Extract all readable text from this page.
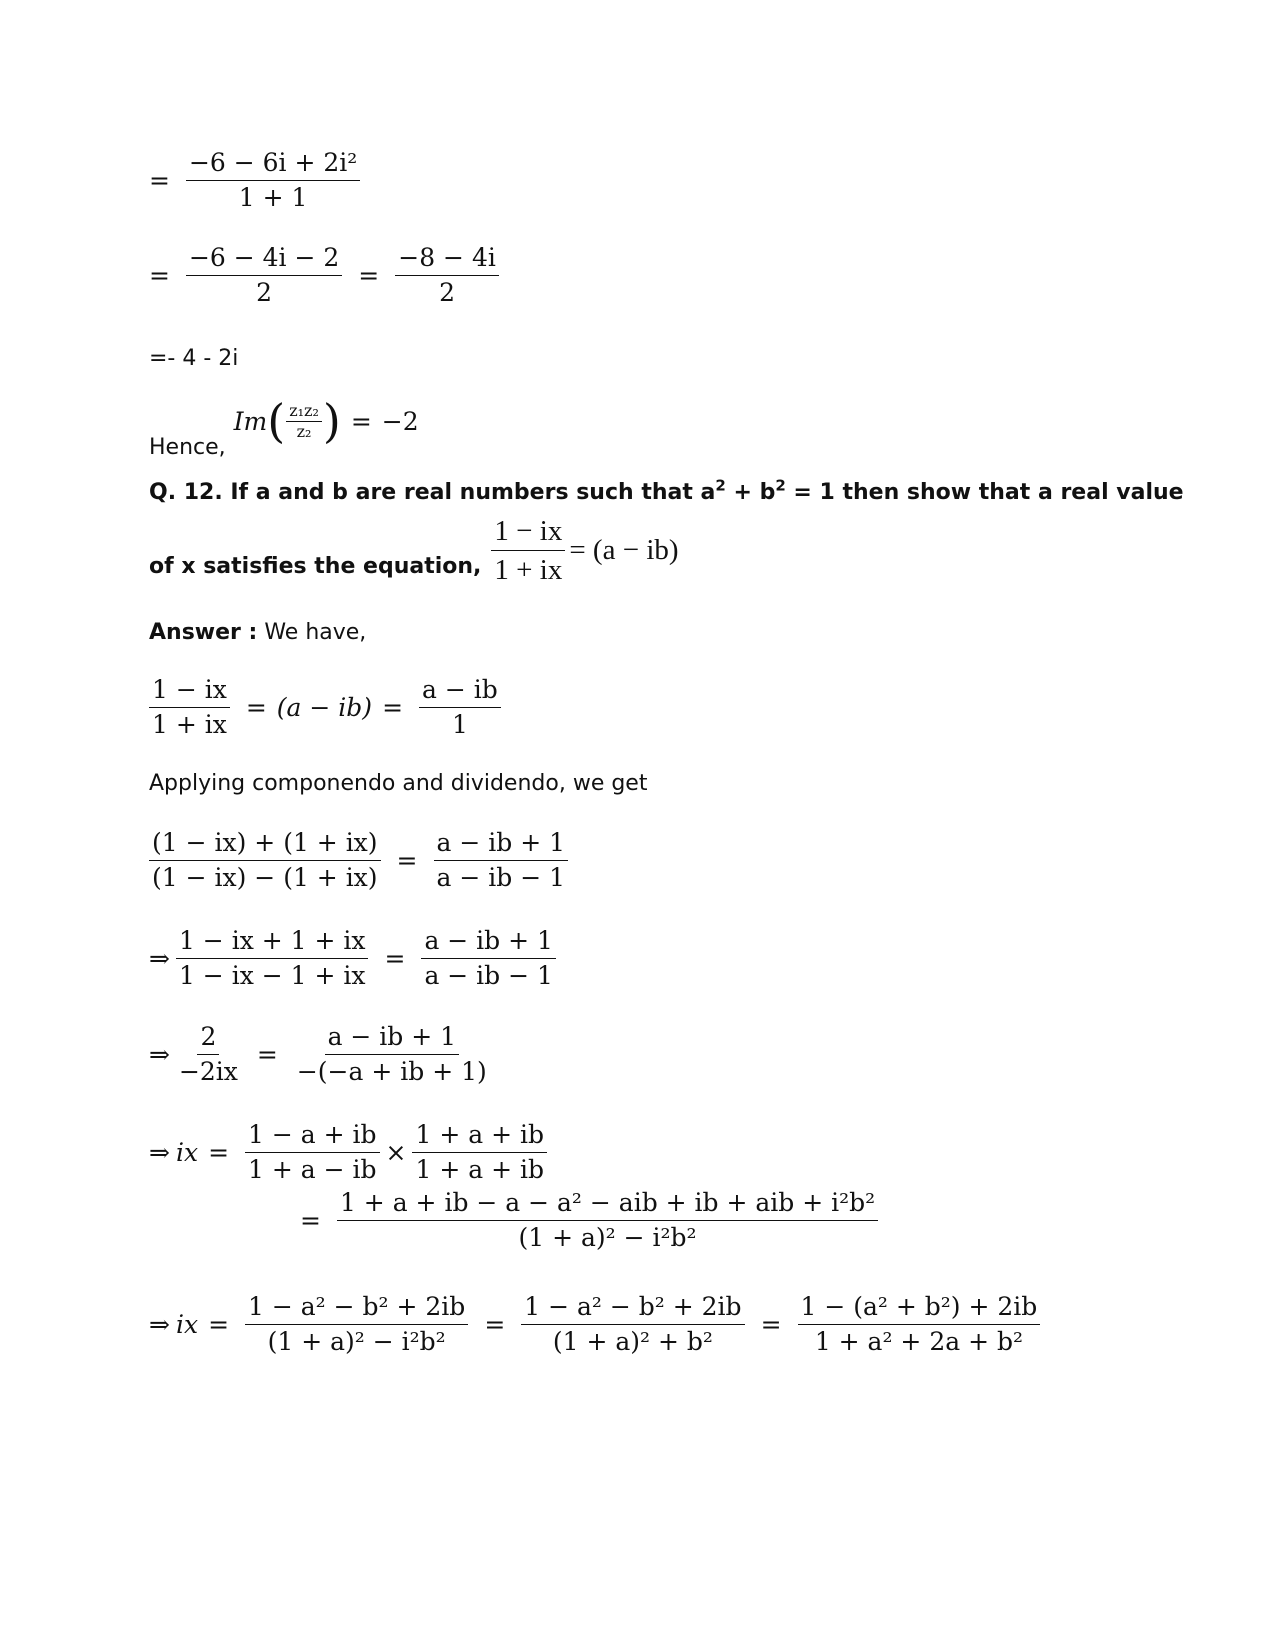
= $\frac{\text{−6 − 6i + 2i²}}{1 + 1}$
= $\frac{-6 - 4i - 2}{2} = \frac{-8 - 4i}{2}$
=- 4 - 2i
Hence,
Im ( $\frac{\text{z₁z₂}}{\text{z₂}}$ ) = −2
Q. 12. If a and b are real numbers such that $a^2 + b^2 = 1$ then show that a real value
of x satisfies the equation, $\frac{1 - ix}{1 + ix} = (a - ib)$
Answer : We have,
$\frac{1 - ix}{1 + ix} = (a - ib) = \frac{a - ib}{1}$
Applying componendo and dividendo, we get
$\frac{(1 - ix) + (1 + ix)}{(1 - ix) - (1 + ix)} = \frac{a - ib + 1}{a - ib - 1}$
⇒ $\frac{1 - ix + 1 + ix}{1 - ix - 1 + ix} = \frac{a - ib + 1}{a - ib - 1}$
⇒ $\frac{2}{-2ix} = \frac{a - ib + 1}{-(-a + ib + 1)}$
⇒ ix = $\frac{1 - a + ib}{1 + a - ib} \times \frac{1 + a + ib}{1 + a + ib}$
= $\frac{\text{1 + a + ib − a − a² − aib + ib + aib + i²b²}}{\text{(1 + a)² − i²b²}}$
⇒ ix = $\frac{\text{1 − a² − b² + 2ib}}{\text{(1 + a)² − i²b²}} = \frac{\text{1 − a² − b² + 2ib}}{\text{(1 + a)² + b²}} = \frac{\text{1 − (a² + b²) + 2ib}}{\text{1 + a² + 2a + b²}}$
